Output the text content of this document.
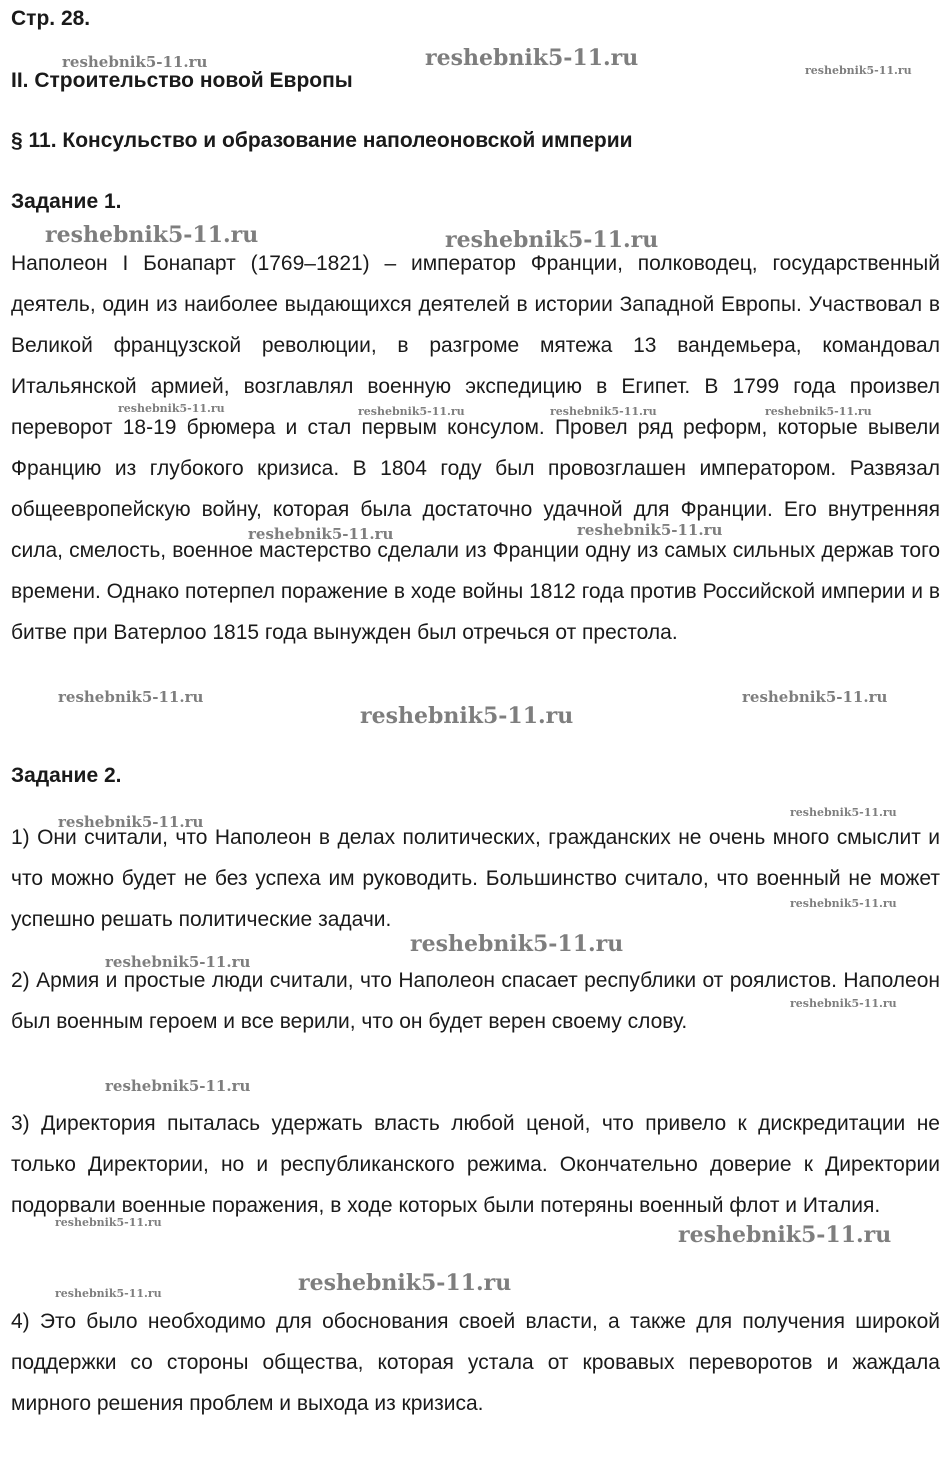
Стр. 28.
II. Строительство новой Европы
§ 11. Консульство и образование наполеоновской империи
Задание 1.

Наполеон I Бонапарт (1769–1821) – император Франции, полководец, государственный деятель, один из наиболее выдающихся деятелей в истории Западной Европы. Участвовал в Великой французской революции, в разгроме мятежа 13 вандемьера, командовал Итальянской армией, возглавлял военную экспедицию в Египет. В 1799 года произвел переворот 18-19 брюмера и стал первым консулом. Провел ряд реформ, которые вывели Францию из глубокого кризиса. В 1804 году был провозглашен императором. Развязал общеевропейскую войну, которая была достаточно удачной для Франции. Его внутренняя сила, смелость, военное мастерство сделали из Франции одну из самых сильных держав того времени. Однако потерпел поражение в ходе войны 1812 года против Российской империи и в битве при Ватерлоо 1815 года вынужден был отречься от престола.

Задание 2.

1) Они считали, что Наполеон в делах политических, гражданских не очень много смыслит и что можно будет не без успеха им руководить. Большинство считало, что военный не может успешно решать политические задачи.

2) Армия и простые люди считали, что Наполеон спасает республики от роялистов. Наполеон был военным героем и все верили, что он будет верен своему слову.

3) Директория пыталась удержать власть любой ценой, что привело к дискредитации не только Директории, но и республиканского режима. Окончательно доверие к Директории подорвали военные поражения, в ходе которых были потеряны военный флот и Италия.

4) Это было необходимо для обоснования своей власти, а также для получения широкой поддержки со стороны общества, которая устала от кровавых переворотов и жаждала мирного решения проблем и выхода из кризиса.

reshebnik5-11.ru	reshebnik5-11.ru	reshebnik5-11.ru
reshebnik5-11.ru	reshebnik5-11.ru
reshebnik5-11.ru	reshebnik5-11.ru	reshebnik5-11.ru	reshebnik5-11.ru
reshebnik5-11.ru	reshebnik5-11.ru
reshebnik5-11.ru
reshebnik5-11.ru
reshebnik5-11.ru
reshebnik5-11.ru
reshebnik5-11.ru
reshebnik5-11.ru
reshebnik5-11.ru
reshebnik5-11.ru
reshebnik5-11.ru
reshebnik5-11.ru
reshebnik5-11.ru	reshebnik5-11.ru
reshebnik5-11.ru	reshebnik5-11.ru
